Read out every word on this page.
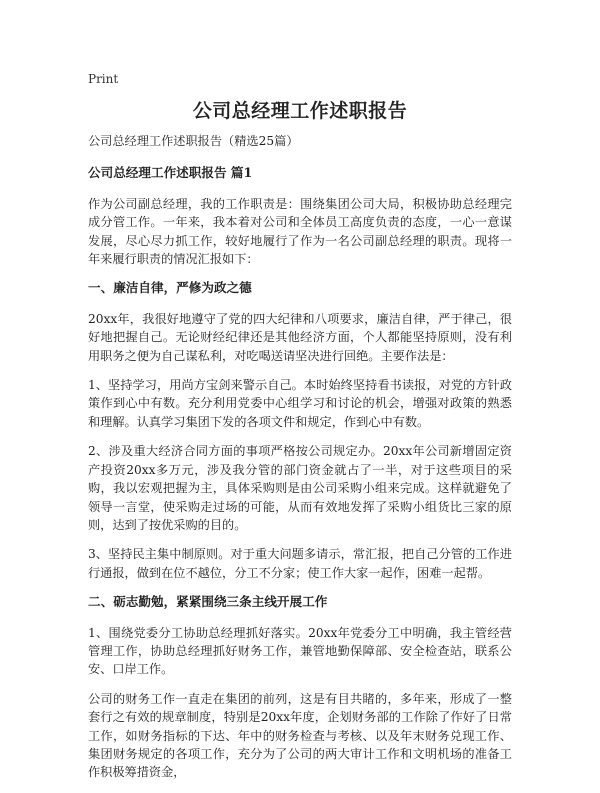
Print
公司总经理工作述职报告

公司总经理工作述职报告（精选25篇）

公司总经理工作述职报告 篇1

作为公司副总经理，我的工作职责是：围绕集团公司大局，积极协助总经理完成分管工作。一年来，我本着对公司和全体员工高度负责的态度，一心一意谋发展，尽心尽力抓工作，较好地履行了作为一名公司副总经理的职责。现将一年来履行职责的情况汇报如下：

一、廉洁自律，严修为政之德

20xx年，我很好地遵守了党的四大纪律和八项要求，廉洁自律，严于律己，很好地把握自己。无论财经纪律还是其他经济方面，个人都能坚持原则，没有利用职务之便为自己谋私利，对吃喝送请坚决进行回绝。主要作法是：

1、坚持学习，用尚方宝剑来警示自己。本时始终坚持看书读报，对党的方针政策作到心中有数。充分利用党委中心组学习和讨论的机会，增强对政策的熟悉和理解。认真学习集团下发的各项文件和规定，作到心中有数。

2、涉及重大经济合同方面的事项严格按公司规定办。20xx年公司新增固定资产投资20xx多万元，涉及我分管的部门资金就占了一半，对于这些项目的采购，我以宏观把握为主，具体采购则是由公司采购小组来完成。这样就避免了领导一言堂，使采购走过场的可能，从而有效地发挥了采购小组货比三家的原则，达到了按优采购的目的。

3、坚持民主集中制原则。对于重大问题多请示，常汇报，把自己分管的工作进行通报，做到在位不越位，分工不分家；使工作大家一起作，困难一起帮。

二、砺志勤勉，紧紧围绕三条主线开展工作

1、围绕党委分工协助总经理抓好落实。20xx年党委分工中明确，我主管经营管理工作，协助总经理抓好财务工作，兼管地勤保障部、安全检查站，联系公安、口岸工作。

公司的财务工作一直走在集团的前列，这是有目共睹的，多年来，形成了一整套行之有效的规章制度，特别是20xx年度，企划财务部的工作除了作好了日常工作，如财务指标的下达、年中的财务检查与考核、以及年末财务兑现工作、集团财务规定的各项工作，充分为了公司的两大审计工作和文明机场的准备工作积极筹措资金，
